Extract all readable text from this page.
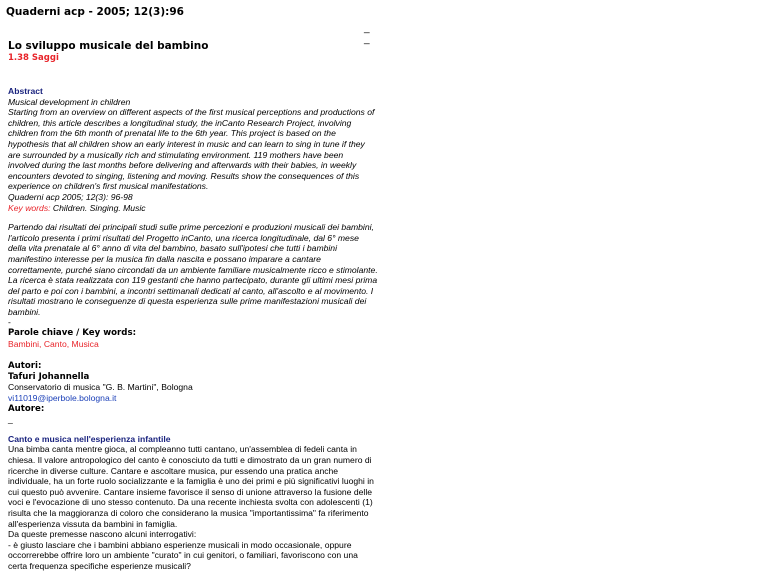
Quaderni acp - 2005; 12(3):96
_
_
Lo sviluppo musicale del bambino
1.38 Saggi

Abstract

Musical development in children
Starting from an overview on different aspects of the first musical perceptions and productions of
children, this article describes a longitudinal study, the inCanto Research Project, involving
children from the 6th month of prenatal life to the 6th year. This project is based on the
hypothesis that all children show an early interest in music and can learn to sing in tune if they
are surrounded by a musically rich and stimulating environment. 119 mothers have been
involved during the last months before delivering and afterwards with their babies, in weekly
encounters devoted to singing, listening and moving. Results show the consequences of this
experience on children's first musical manifestations.
Quaderni acp 2005; 12(3): 96-98
Key words: Children. Singing. Music
Partendo dai risultati dei principali studi sulle prime percezioni e produzioni musicali dei bambini,
l'articolo presenta i primi risultati del Progetto inCanto, una ricerca longitudinale, dal 6° mese
della vita prenatale al 6° anno di vita del bambino, basato sull'ipotesi che tutti i bambini
manifestino interesse per la musica fin dalla nascita e possano imparare a cantare
correttamente, purché siano circondati da un ambiente familiare musicalmente ricco e stimolante.
La ricerca è stata realizzata con 119 gestanti che hanno partecipato, durante gli ultimi mesi prima
del parto e poi con i bambini, a incontri settimanali dedicati al canto, all'ascolto e al movimento. I
risultati mostrano le conseguenze di questa esperienza sulle prime manifestazioni musicali dei
bambini.
-
Parole chiave / Key words:
Bambini, Canto, Musica
Autori:
Tafuri Johannella
Conservatorio di musica "G. B. Martini", Bologna
vi11019@iperbole.bologna.it
Autore:
_
Canto e musica nell'esperienza infantile
Una bimba canta mentre gioca, al compleanno tutti cantano, un'assemblea di fedeli canta in
chiesa. Il valore antropologico del canto è conosciuto da tutti e dimostrato da un gran numero di
ricerche in diverse culture. Cantare e ascoltare musica, pur essendo una pratica anche
individuale, ha un forte ruolo socializzante e la famiglia è uno dei primi e più significativi luoghi in
cui questo può avvenire. Cantare insieme favorisce il senso di unione attraverso la fusione delle
voci e l'evocazione di uno stesso contenuto. Da una recente inchiesta svolta con adolescenti (1)
risulta che la maggioranza di coloro che considerano la musica "importantissima" fa riferimento
all'esperienza vissuta da bambini in famiglia.
Da queste premesse nascono alcuni interrogativi:
- è giusto lasciare che i bambini abbiano esperienze musicali in modo occasionale, oppure
occorrerebbe offrire loro un ambiente "curato" in cui genitori, o familiari, favoriscono con una
certa frequenza specifiche esperienze musicali?
